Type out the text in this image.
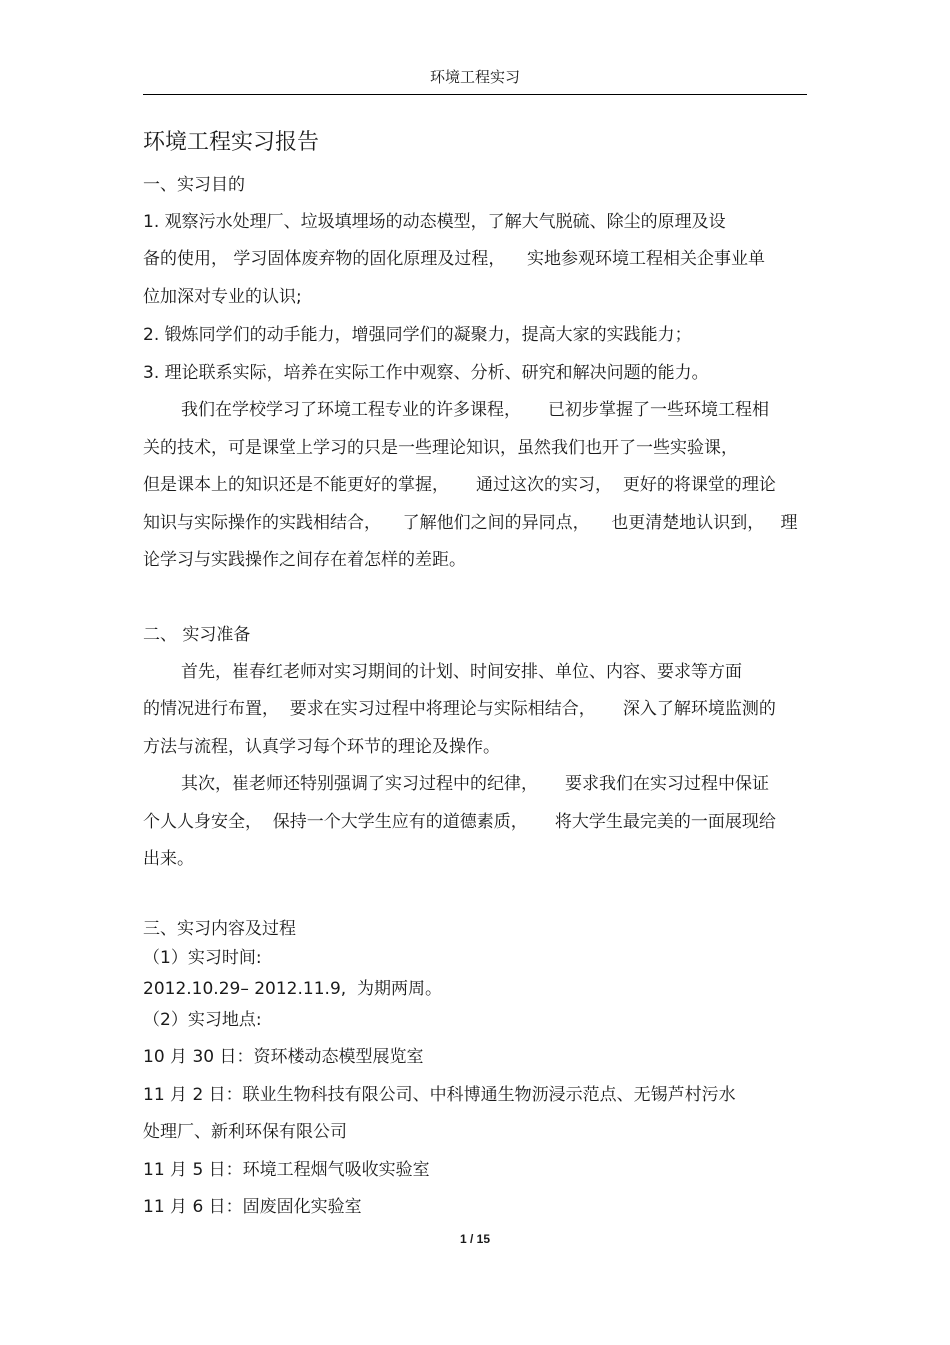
环境工程实习
环境工程实习报告
一、实习目的
1. 观察污水处理厂、垃圾填埋场的动态模型，了解大气脱硫、除尘的原理及设
备的使用， 学习固体废弃物的固化原理及过程，    实地参观环境工程相关企事业单
位加深对专业的认识;
2. 锻炼同学们的动手能力，增强同学们的凝聚力，提高大家的实践能力；
3. 理论联系实际，培养在实际工作中观察、分析、研究和解决问题的能力。
我们在学校学习了环境工程专业的许多课程，     已初步掌握了一些环境工程相
关的技术，可是课堂上学习的只是一些理论知识，虽然我们也开了一些实验课，
但是课本上的知识还是不能更好的掌握，     通过这次的实习，  更好的将课堂的理论
知识与实际操作的实践相结合，    了解他们之间的异同点，    也更清楚地认识到，   理
论学习与实践操作之间存在着怎样的差距。
二、 实习准备
首先，崔春红老师对实习期间的计划、时间安排、单位、内容、要求等方面
的情况进行布置，  要求在实习过程中将理论与实际相结合，     深入了解环境监测的
方法与流程，认真学习每个环节的理论及操作。
其次，崔老师还特别强调了实习过程中的纪律，     要求我们在实习过程中保证
个人人身安全，  保持一个大学生应有的道德素质，     将大学生最完美的一面展现给
出来。
三、实习内容及过程
（1）实习时间:
2012.10.29– 2012.11.9,  为期两周。
（2）实习地点:
10 月 30 日：资环楼动态模型展览室
11 月 2 日：联业生物科技有限公司、中科博通生物沥浸示范点、无锡芦村污水
处理厂、新利环保有限公司
11 月 5 日：环境工程烟气吸收实验室
11 月 6 日：固废固化实验室
1 / 15
